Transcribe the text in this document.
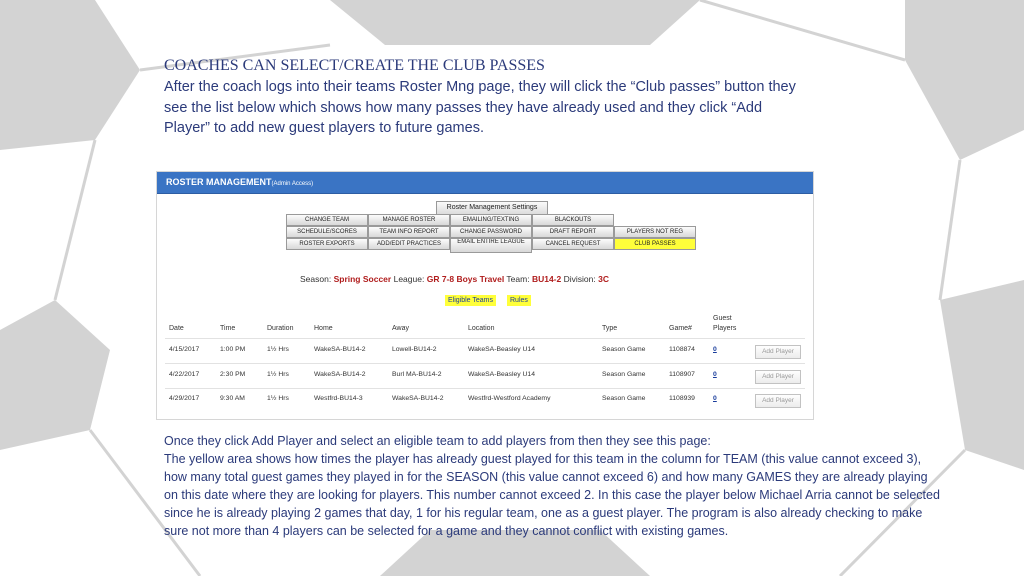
COACHES CAN SELECT/CREATE THE CLUB PASSES
After the coach logs into their teams Roster Mng page, they will click the “Club passes” button they see the list below which shows how many passes they have already used and they click “Add Player” to add new guest players to future games.
ROSTER MANAGEMENT(Admin Access)
Roster Management Settings
CHANGE TEAM	MANAGE ROSTER	EMAILING/TEXTING	BLACKOUTS
SCHEDULE/SCORES	TEAM INFO REPORT	CHANGE PASSWORD	DRAFT REPORT	PLAYERS NOT REG
ROSTER EXPORTS	ADD/EDIT PRACTICES	EMAIL ENTIRE LEAGUE	CANCEL REQUEST	CLUB PASSES
Season: Spring Soccer League: GR 7-8 Boys Travel Team: BU14-2 Division: 3C
Eligible Teams	Rules
Date	Time	Duration	Home	Away	Location	Type	Game#
Guest
Players
4/15/2017	1:00 PM	1½ Hrs	WakeSA-BU14-2	Lowell-BU14-2	WakeSA-Beasley U14	Season Game	1108874	0	Add Player
4/22/2017	2:30 PM	1½ Hrs	WakeSA-BU14-2	Burl MA-BU14-2	WakeSA-Beasley U14	Season Game	1108907	0	Add Player
4/29/2017	9:30 AM	1½ Hrs	Westfrd-BU14-3	WakeSA-BU14-2	Westfrd-Westford Academy	Season Game	1108939	0	Add Player

Once they click Add Player and select an eligible team to add players from then they see this page:

The yellow area shows how times the player has already guest played for this team in the column for TEAM (this value cannot exceed 3), how many total guest games they played in for the SEASON (this value cannot exceed 6) and how many GAMES they are already playing on this date where they are looking for players. This number cannot exceed 2. In this case the player below Michael Arria cannot be selected since he is already playing 2 games that day, 1 for his regular team, one as a guest player. The program is also already checking to make sure not more than 4 players can be selected for a game and they cannot conflict with existing games.
